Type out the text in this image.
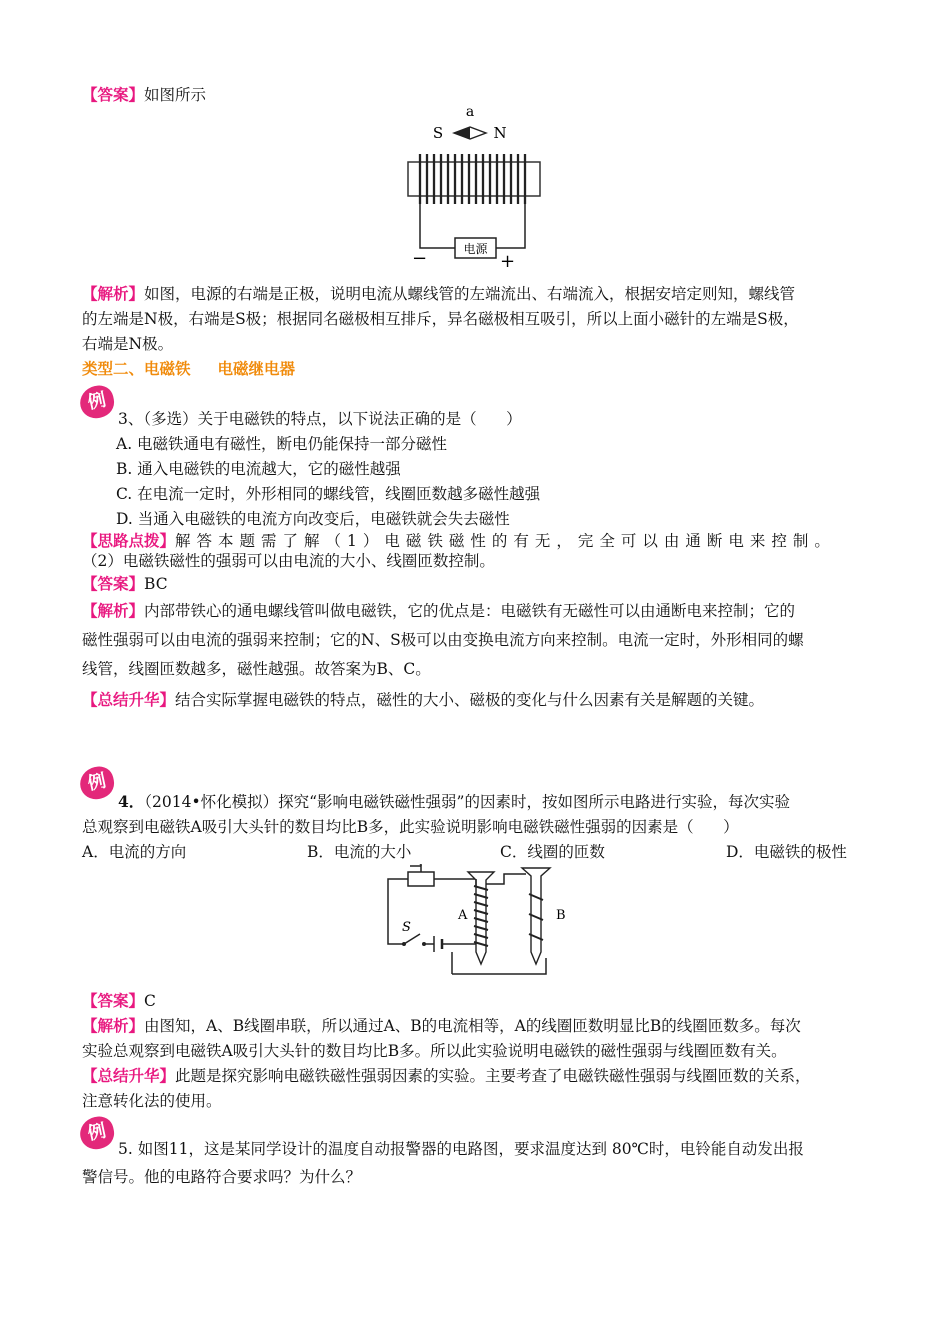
【答案】如图所示
a
S	N
电源
−	+
【解析】如图，电源的右端是正极，说明电流从螺线管的左端流出、右端流入，根据安培定则知，螺线管
的左端是N极，右端是S极；根据同名磁极相互排斥，异名磁极相互吸引，所以上面小磁针的左端是S极，
右端是N极。
类型二、电磁铁     电磁继电器
例
3、（多选）关于电磁铁的特点，以下说法正确的是（      ）
A. 电磁铁通电有磁性，断电仍能保持一部分磁性
B. 通入电磁铁的电流越大，它的磁性越强
C. 在电流一定时，外形相同的螺线管，线圈匝数越多磁性越强
D. 当通入电磁铁的电流方向改变后，电磁铁就会失去磁性
【思路点拨】解答本题需了解（1）电磁铁磁性的有无，完全可以由通断电来控制。
（2）电磁铁磁性的强弱可以由电流的大小、线圈匝数控制。
【答案】BC
【解析】内部带铁心的通电螺线管叫做电磁铁，它的优点是：电磁铁有无磁性可以由通断电来控制；它的
磁性强弱可以由电流的强弱来控制；它的N、S极可以由变换电流方向来控制。电流一定时，外形相同的螺
线管，线圈匝数越多，磁性越强。故答案为B、C。
【总结升华】结合实际掌握电磁铁的特点，磁性的大小、磁极的变化与什么因素有关是解题的关键。
例
4．（2014•怀化模拟）探究“影响电磁铁磁性强弱”的因素时，按如图所示电路进行实验，每次实验
总观察到电磁铁A吸引大头针的数目均比B多，此实验说明影响电磁铁磁性强弱的因素是（      ）
A．电流的方向	B．电流的大小	C．线圈的匝数	D．电磁铁的极性
A	B
S
【答案】C
【解析】由图知，A、B线圈串联，所以通过A、B的电流相等，A的线圈匝数明显比B的线圈匝数多。每次
实验总观察到电磁铁A吸引大头针的数目均比B多。所以此实验说明电磁铁的磁性强弱与线圈匝数有关。
【总结升华】此题是探究影响电磁铁磁性强弱因素的实验。主要考查了电磁铁磁性强弱与线圈匝数的关系，
注意转化法的使用。
例
5. 如图11，这是某同学设计的温度自动报警器的电路图，要求温度达到 80℃时，电铃能自动发出报
警信号。他的电路符合要求吗？为什么？
